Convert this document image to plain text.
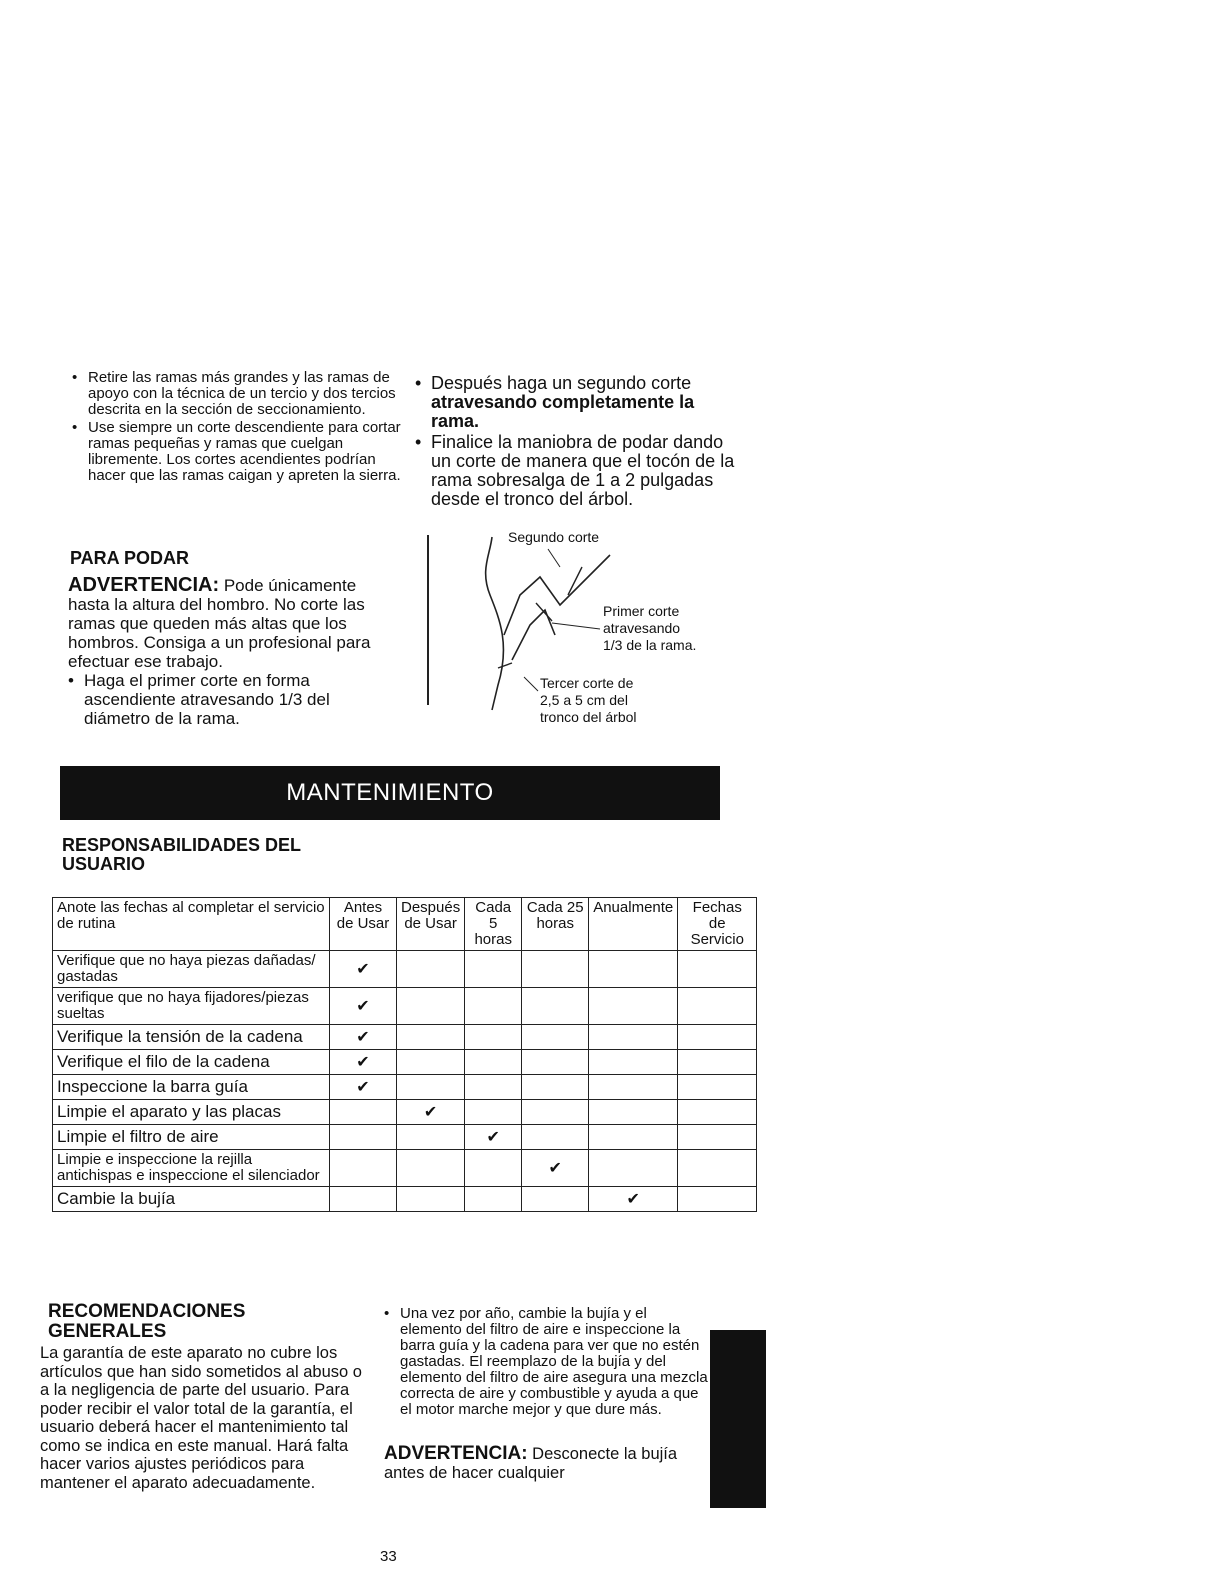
• Retire las ramas más grandes y las ramas de apoyo con la técnica de un tercio y dos tercios descrita en la sección de seccionamiento.
• Use siempre un corte descendiente para cortar ramas pequeñas y ramas que cuelgan libremente. Los cortes acendientes podrían hacer que las ramas caigan y apreten la sierra.
• Después haga un segundo corte atravesando completamente la rama.
• Finalice la maniobra de podar dando un corte de manera que el tocón de la rama sobresalga de 1 a 2 pulgadas desde el tronco del árbol.
PARA PODAR
ADVERTENCIA: Pode únicamente hasta la altura del hombro. No corte las ramas que queden más altas que los hombros. Consiga a un profesional para efectuar ese trabajo.
• Haga el primer corte en forma ascendiente atravesando 1/3 del diámetro de la rama.
Segundo corte
Primer corte
atravesando
1/3 de la rama.
Tercer corte de
2,5 a 5 cm del
tronco del árbol
MANTENIMIENTO
RESPONSABILIDADES DEL USUARIO
Anote las fechas al completar el servicio de rutina	Antes de Usar	Después de Usar	Cada 5 horas	Cada 25 horas	Anualmente	Fechas de Servicio
Verifique que no haya piezas dañadas/ gastadas	✔					
verifique que no haya fijadores/piezas sueltas	✔					
Verifique la tensión de la cadena	✔					
Verifique el filo de la cadena	✔					
Inspeccione la barra guía	✔					
Limpie el aparato y las placas		✔				
Limpie el filtro de aire			✔			
Limpie e inspeccione la rejilla antichispas e inspeccione el silenciador				✔		
Cambie la bujía					✔	
RECOMENDACIONES GENERALES
La garantía de este aparato no cubre los artículos que han sido sometidos al abuso o a la negligencia de parte del usuario. Para poder recibir el valor total de la garantía, el usuario deberá hacer el mantenimiento tal como se indica en este manual. Hará falta hacer varios ajustes periódicos para mantener el aparato adecuadamente.
• Una vez por año, cambie la bujía y el elemento del filtro de aire e inspeccione la barra guía y la cadena para ver que no estén gastadas. El reemplazo de la bujía y del elemento del filtro de aire asegura una mezcla correcta de aire y combustible y ayuda a que el motor marche mejor y que dure más.
ADVERTENCIA: Desconecte la bujía antes de hacer cualquier
33
